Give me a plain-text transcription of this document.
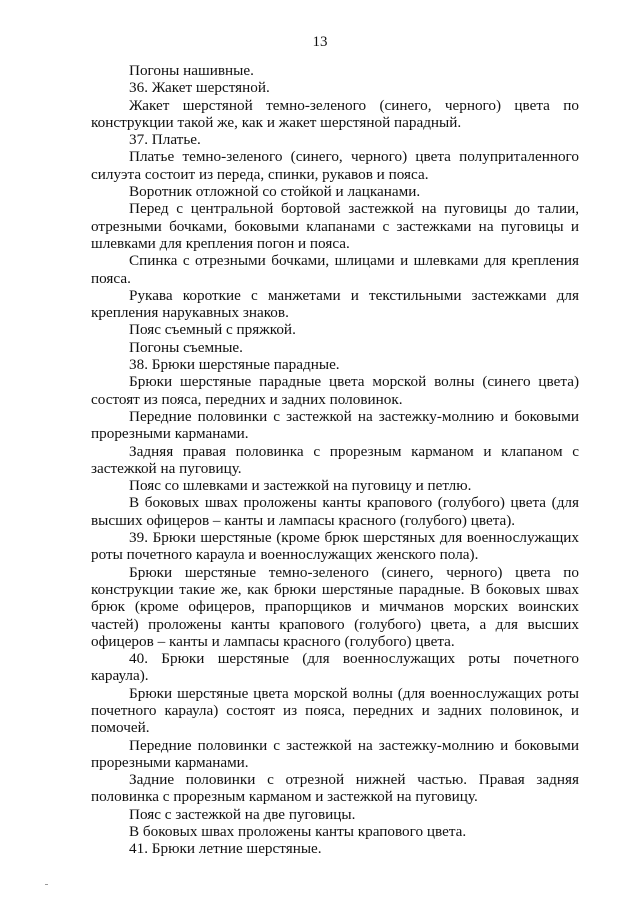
13

Погоны нашивные.

36. Жакет шерстяной.

Жакет шерстяной темно-зеленого (синего, черного) цвета по конструкции такой же, как и жакет шерстяной парадный.

37. Платье.

Платье темно-зеленого (синего, черного) цвета полуприталенного силуэта состоит из переда, спинки, рукавов и пояса.

Воротник отложной со стойкой и лацканами.

Перед с центральной бортовой застежкой на пуговицы до талии, отрезными бочками, боковыми клапанами с застежками на пуговицы и шлевками для крепления погон и пояса.

Спинка с отрезными бочками, шлицами и шлевками для крепления пояса.

Рукава короткие с манжетами и текстильными застежками для крепления нарукавных знаков.

Пояс съемный с пряжкой.

Погоны съемные.

38. Брюки шерстяные парадные.

Брюки шерстяные парадные цвета морской волны (синего цвета) состоят из пояса, передних и задних половинок.

Передние половинки с застежкой на застежку-молнию и боковыми прорезными карманами.

Задняя правая половинка с прорезным карманом и клапаном с застежкой на пуговицу.

Пояс со шлевками и застежкой на пуговицу и петлю.

В боковых швах проложены канты крапового (голубого) цвета (для высших офицеров – канты и лампасы красного (голубого) цвета).

39. Брюки шерстяные (кроме брюк шерстяных для военнослужащих роты почетного караула и военнослужащих женского пола).

Брюки шерстяные темно-зеленого (синего, черного) цвета по конструкции такие же, как брюки шерстяные парадные. В боковых швах брюк (кроме офицеров, прапорщиков и мичманов морских воинских частей) проложены канты крапового (голубого) цвета, а для высших офицеров – канты и лампасы красного (голубого) цвета.

40. Брюки шерстяные (для военнослужащих роты почетного караула).

Брюки шерстяные цвета морской волны (для военнослужащих роты почетного караула) состоят из пояса, передних и задних половинок, и помочей.

Передние половинки с застежкой на застежку-молнию и боковыми прорезными карманами.

Задние половинки с отрезной нижней частью. Правая задняя половинка с прорезным карманом и застежкой на пуговицу.

Пояс с застежкой на две пуговицы.

В боковых швах проложены канты крапового цвета.

41. Брюки летние шерстяные.
